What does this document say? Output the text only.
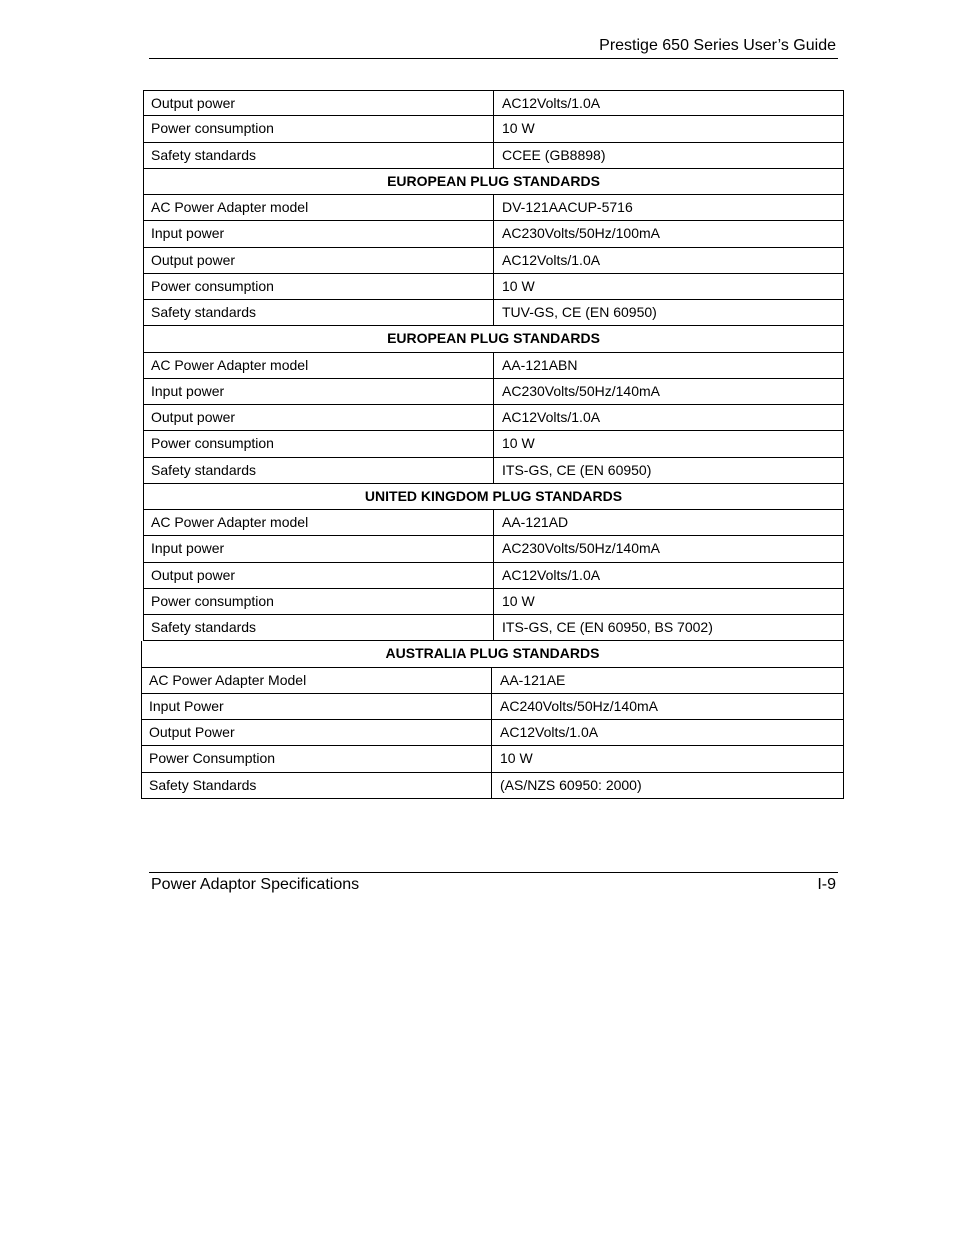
Prestige 650 Series User’s Guide
Output power	AC12Volts/1.0A
Power consumption	10 W
Safety standards	CCEE (GB8898)
EUROPEAN PLUG STANDARDS
AC Power Adapter model	DV-121AACUP-5716
Input power	AC230Volts/50Hz/100mA
Output power	AC12Volts/1.0A
Power consumption	10 W
Safety standards	TUV-GS, CE (EN 60950)
EUROPEAN PLUG STANDARDS
AC Power Adapter model	AA-121ABN
Input power	AC230Volts/50Hz/140mA
Output power	AC12Volts/1.0A
Power consumption	10 W
Safety standards	ITS-GS, CE (EN 60950)
UNITED KINGDOM PLUG STANDARDS
AC Power Adapter model	AA-121AD
Input power	AC230Volts/50Hz/140mA
Output power	AC12Volts/1.0A
Power consumption	10 W
Safety standards	ITS-GS, CE (EN 60950, BS 7002)
AUSTRALIA PLUG STANDARDS
AC Power Adapter Model	AA-121AE
Input Power	AC240Volts/50Hz/140mA
Output Power	AC12Volts/1.0A
Power Consumption	10 W
Safety Standards	(AS/NZS 60950: 2000)
Power Adaptor Specifications	I-9
